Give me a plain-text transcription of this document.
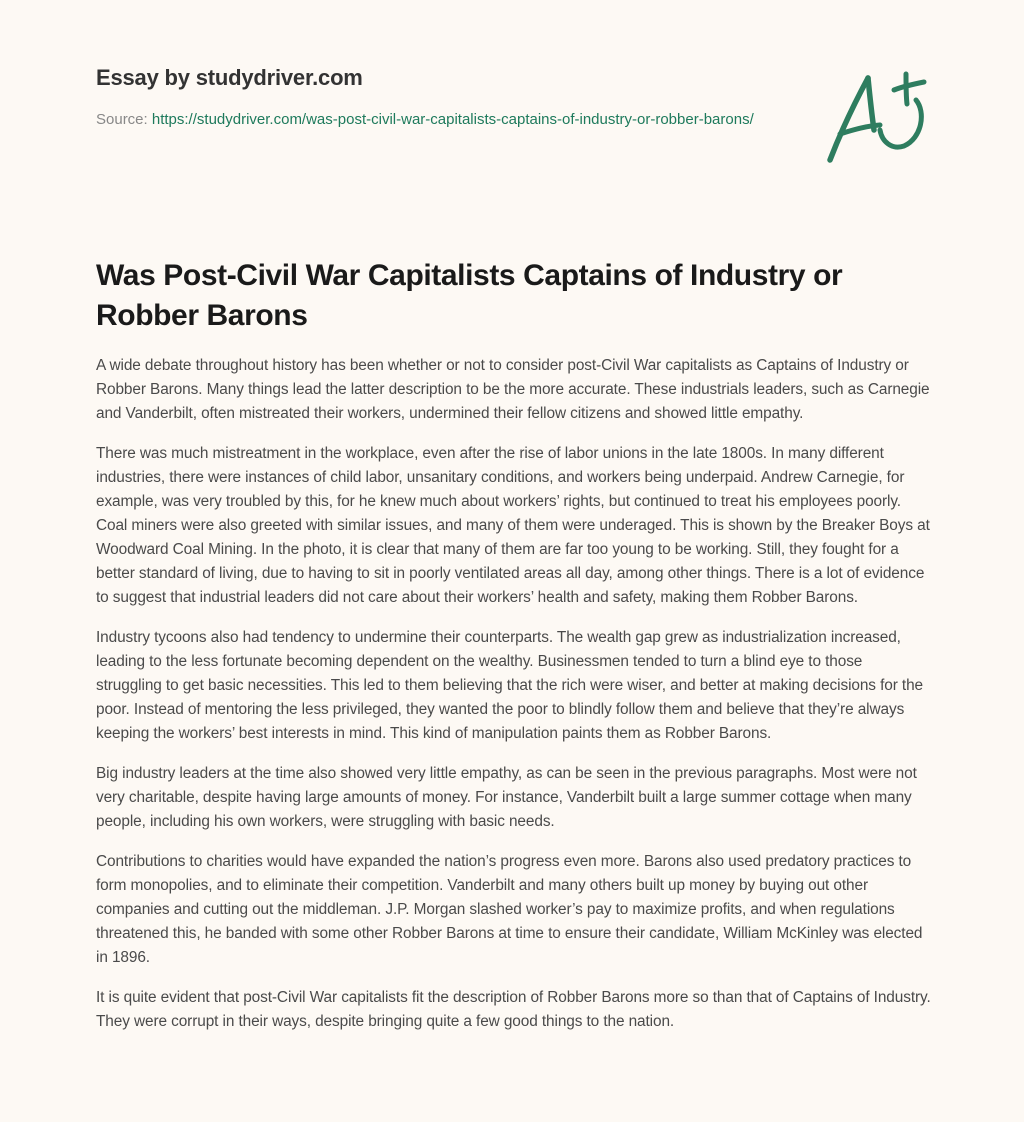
Essay by studydriver.com
Source: https://studydriver.com/was-post-civil-war-capitalists-captains-of-industry-or-robber-barons/
Was Post-Civil War Capitalists Captains of Industry or Robber Barons

A wide debate throughout history has been whether or not to consider post-Civil War capitalists as Captains of Industry or Robber Barons. Many things lead the latter description to be the more accurate. These industrials leaders, such as Carnegie and Vanderbilt, often mistreated their workers, undermined their fellow citizens and showed little empathy.

There was much mistreatment in the workplace, even after the rise of labor unions in the late 1800s. In many different industries, there were instances of child labor, unsanitary conditions, and workers being underpaid. Andrew Carnegie, for example, was very troubled by this, for he knew much about workers’ rights, but continued to treat his employees poorly. Coal miners were also greeted with similar issues, and many of them were underaged. This is shown by the Breaker Boys at Woodward Coal Mining. In the photo, it is clear that many of them are far too young to be working. Still, they fought for a better standard of living, due to having to sit in poorly ventilated areas all day, among other things. There is a lot of evidence to suggest that industrial leaders did not care about their workers’ health and safety, making them Robber Barons.

Industry tycoons also had tendency to undermine their counterparts. The wealth gap grew as industrialization increased, leading to the less fortunate becoming dependent on the wealthy. Businessmen tended to turn a blind eye to those struggling to get basic necessities. This led to them believing that the rich were wiser, and better at making decisions for the poor. Instead of mentoring the less privileged, they wanted the poor to blindly follow them and believe that they’re always keeping the workers’ best interests in mind. This kind of manipulation paints them as Robber Barons.

Big industry leaders at the time also showed very little empathy, as can be seen in the previous paragraphs. Most were not very charitable, despite having large amounts of money. For instance, Vanderbilt built a large summer cottage when many people, including his own workers, were struggling with basic needs.

Contributions to charities would have expanded the nation’s progress even more. Barons also used predatory practices to form monopolies, and to eliminate their competition. Vanderbilt and many others built up money by buying out other companies and cutting out the middleman. J.P. Morgan slashed worker’s pay to maximize profits, and when regulations threatened this, he banded with some other Robber Barons at time to ensure their candidate, William McKinley was elected in 1896.

It is quite evident that post-Civil War capitalists fit the description of Robber Barons more so than that of Captains of Industry. They were corrupt in their ways, despite bringing quite a few good things to the nation.
